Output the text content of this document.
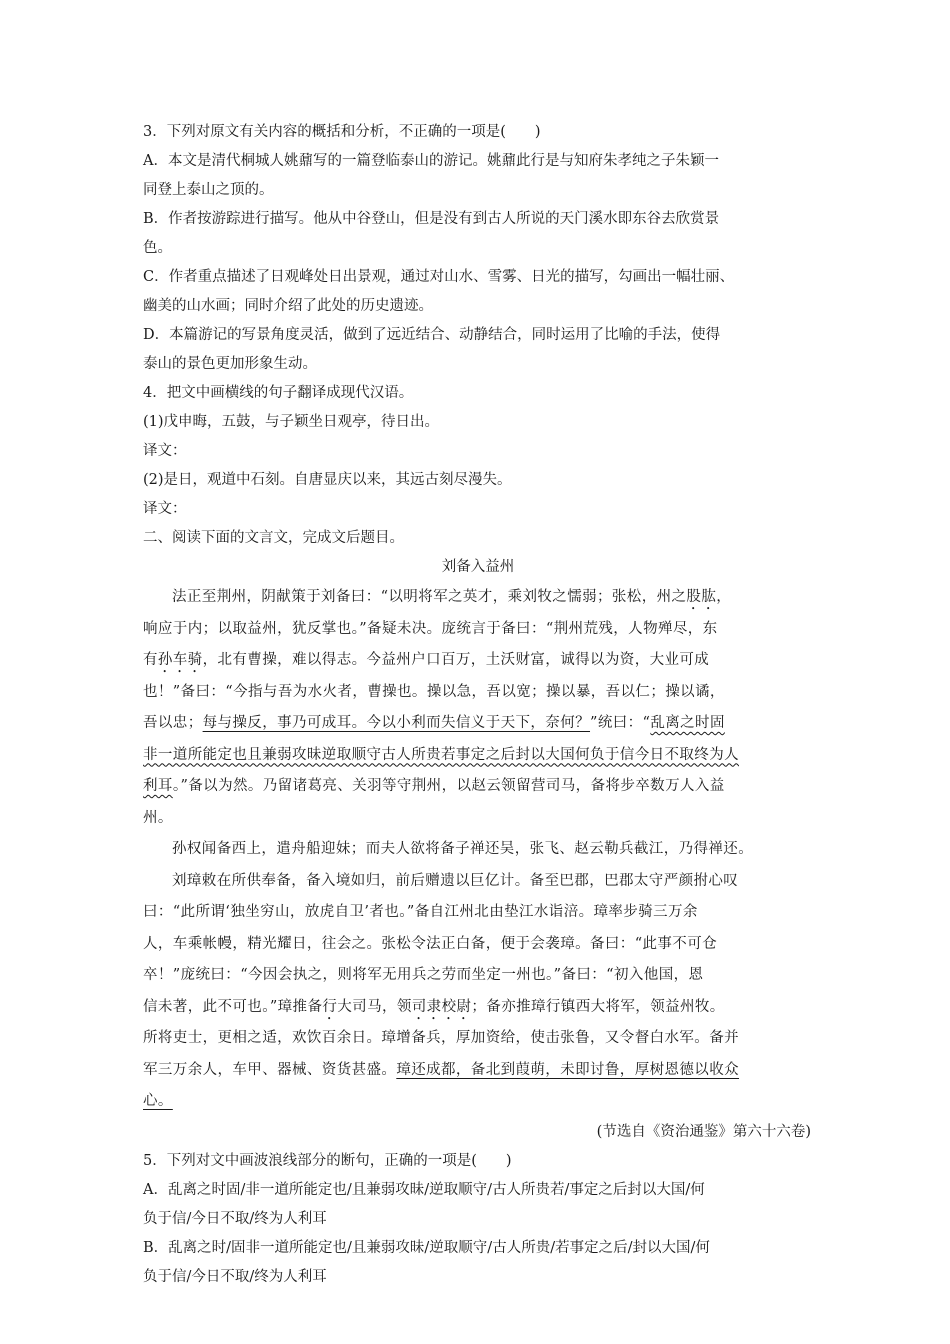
3．下列对原文有关内容的概括和分析，不正确的一项是(　　)
A．本文是清代桐城人姚鼐写的一篇登临泰山的游记。姚鼐此行是与知府朱孝纯之子朱颖一
同登上泰山之顶的。
B．作者按游踪进行描写。他从中谷登山，但是没有到古人所说的天门溪水即东谷去欣赏景
色。
C．作者重点描述了日观峰处日出景观，通过对山水、雪雾、日光的描写，勾画出一幅壮丽、
幽美的山水画；同时介绍了此处的历史遗迹。
D．本篇游记的写景角度灵活，做到了远近结合、动静结合，同时运用了比喻的手法，使得
泰山的景色更加形象生动。
4．把文中画横线的句子翻译成现代汉语。
(1)戊申晦，五鼓，与子颖坐日观亭，待日出。
译文：
(2)是日，观道中石刻。自唐显庆以来，其远古刻尽漫失。
译文：
二、阅读下面的文言文，完成文后题目。
刘备入益州
法正至荆州，阴献策于刘备曰：“以明将军之英才，乘刘牧之懦弱；张松，州之股肱，
响应于内；以取益州，犹反掌也。”备疑未决。庞统言于备曰：“荆州荒残，人物殚尽，东
有孙车骑，北有曹操，难以得志。今益州户口百万，土沃财富，诚得以为资，大业可成
也！”备曰：“今指与吾为水火者，曹操也。操以急，吾以宽；操以暴，吾以仁；操以谲，
吾以忠；每与操反，事乃可成耳。今以小利而失信义于天下，奈何？”统曰：“乱离之时固
非一道所能定也且兼弱攻昧逆取顺守古人所贵若事定之后封以大国何负于信今日不取终为人
利耳。”备以为然。乃留诸葛亮、关羽等守荆州，以赵云领留营司马，备将步卒数万人入益
州。
孙权闻备西上，遣舟船迎妹；而夫人欲将备子禅还吴，张飞、赵云勒兵截江，乃得禅还。
刘璋敕在所供奉备，备入境如归，前后赠遗以巨亿计。备至巴郡，巴郡太守严颜拊心叹
曰：“此所谓‘独坐穷山，放虎自卫’者也。”备自江州北由垫江水诣涪。璋率步骑三万余
人，车乘帐幔，精光耀日，往会之。张松令法正白备，便于会袭璋。备曰：“此事不可仓
卒！”庞统曰：“今因会执之，则将军无用兵之劳而坐定一州也。”备曰：“初入他国，恩
信未著，此不可也。”璋推备行大司马，领司隶校尉；备亦推璋行镇西大将军，领益州牧。
所将吏士，更相之适，欢饮百余日。璋增备兵，厚加资给，使击张鲁，又令督白水军。备并
军三万余人，车甲、器械、资货甚盛。璋还成都，备北到葭萌，未即讨鲁，厚树恩德以收众
心。
(节选自《资治通鉴》第六十六卷)
5．下列对文中画波浪线部分的断句，正确的一项是(　　)
A．乱离之时固/非一道所能定也/且兼弱攻昧/逆取顺守/古人所贵若/事定之后封以大国/何
负于信/今日不取/终为人利耳
B．乱离之时/固非一道所能定也/且兼弱攻昧/逆取顺守/古人所贵/若事定之后/封以大国/何
负于信/今日不取/终为人利耳
